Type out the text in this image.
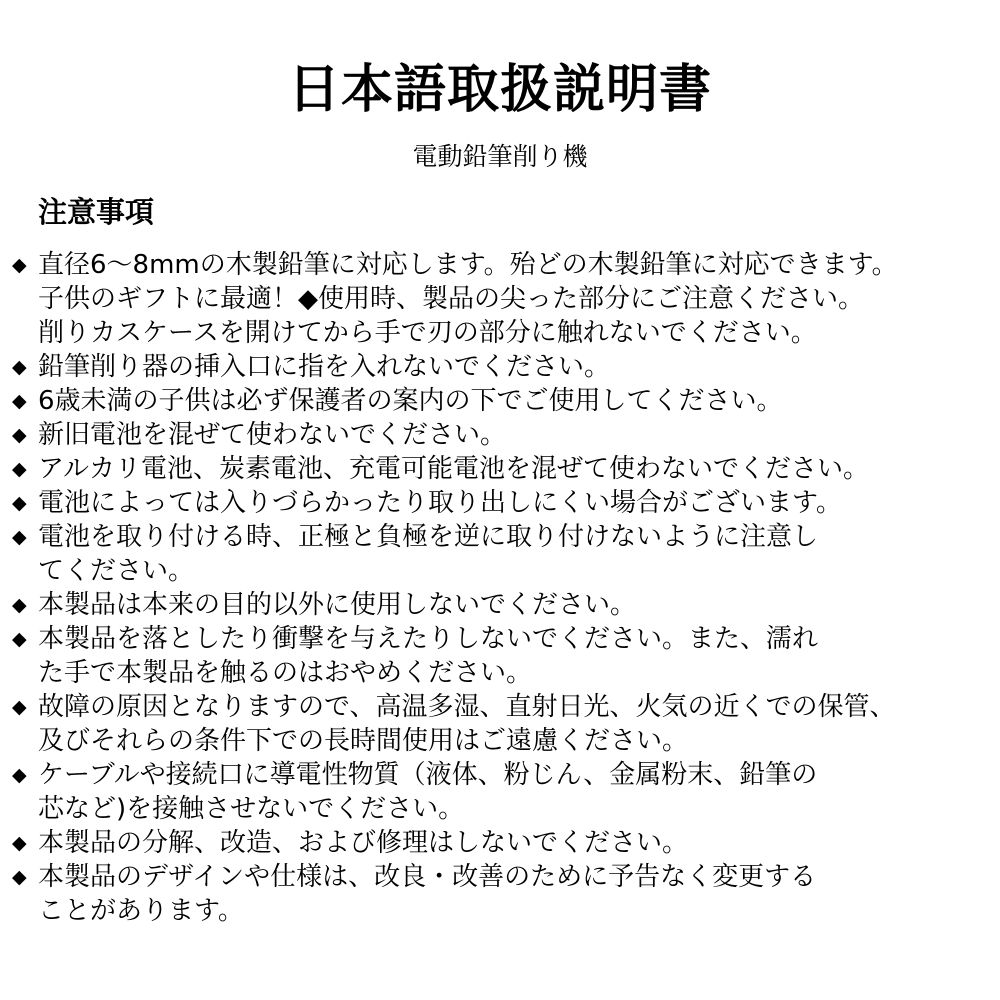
日本語取扱説明書
電動鉛筆削り機
注意事項
◆ 直径6～8mmの木製鉛筆に対応します。殆どの木製鉛筆に対応できます。
子供のギフトに最適！◆使用時、製品の尖った部分にご注意ください。
削りカスケースを開けてから手で刃の部分に触れないでください。
◆ 鉛筆削り器の挿入口に指を入れないでください。
◆ 6歳未満の子供は必ず保護者の案内の下でご使用してください。
◆ 新旧電池を混ぜて使わないでください。
◆ アルカリ電池、炭素電池、充電可能電池を混ぜて使わないでください。
◆ 電池によっては入りづらかったり取り出しにくい場合がございます。
◆ 電池を取り付ける時、正極と負極を逆に取り付けないように注意し
てください。
◆ 本製品は本来の目的以外に使用しないでください。
◆ 本製品を落としたり衝撃を与えたりしないでください。また、濡れ
た手で本製品を触るのはおやめください。
◆ 故障の原因となりますので、高温多湿、直射日光、火気の近くでの保管、
及びそれらの条件下での長時間使用はご遠慮ください。
◆ ケーブルや接続口に導電性物質（液体、粉じん、金属粉末、鉛筆の
芯など)を接触させないでください。
◆ 本製品の分解、改造、および修理はしないでください。
◆ 本製品のデザインや仕様は、改良・改善のために予告なく変更する
ことがあります。
